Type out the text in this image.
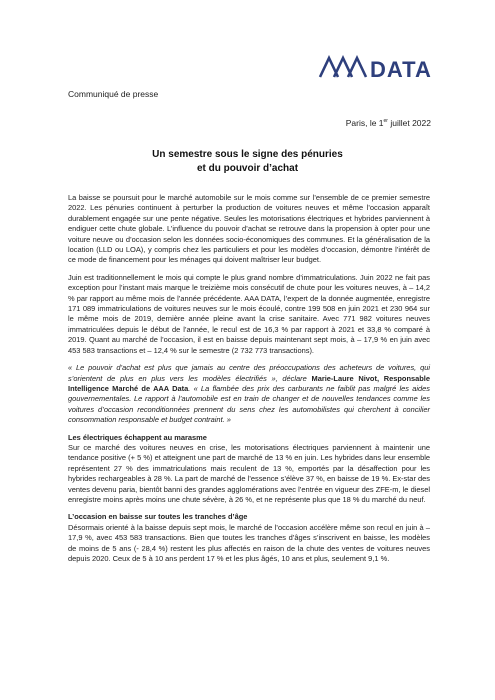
DATA
Communiqué de presse
Paris, le 1er juillet 2022
Un semestre sous le signe des pénuries
et du pouvoir d’achat

La baisse se poursuit pour le marché automobile sur le mois comme sur l’ensemble de ce premier semestre 2022. Les pénuries continuent à perturber la production de voitures neuves et même l’occasion apparaît durablement engagée sur une pente négative. Seules les motorisations électriques et hybrides parviennent à endiguer cette chute globale. L’influence du pouvoir d’achat se retrouve dans la propension à opter pour une voiture neuve ou d’occasion selon les données socio-économiques des communes. Et la généralisation de la location (LLD ou LOA), y compris chez les particuliers et pour les modèles d’occasion, démontre l’intérêt de ce mode de financement pour les ménages qui doivent maîtriser leur budget.

Juin est traditionnellement le mois qui compte le plus grand nombre d’immatriculations. Juin 2022 ne fait pas exception pour l’instant mais marque le treizième mois consécutif de chute pour les voitures neuves, à – 14,2 % par rapport au même mois de l’année précédente. AAA DATA, l’expert de la donnée augmentée, enregistre 171 089 immatriculations de voitures neuves sur le mois écoulé, contre 199 508 en juin 2021 et 230 964 sur le même mois de 2019, dernière année pleine avant la crise sanitaire. Avec 771 982 voitures neuves immatriculées depuis le début de l’année, le recul est de 16,3 % par rapport à 2021 et 33,8 % comparé à 2019. Quant au marché de l’occasion, il est en baisse depuis maintenant sept mois, à – 17,9 % en juin avec 453 583 transactions et – 12,4 % sur le semestre (2 732 773 transactions).

« Le pouvoir d’achat est plus que jamais au centre des préoccupations des acheteurs de voitures, qui s’orientent de plus en plus vers les modèles électrifiés », déclare Marie-Laure Nivot, Responsable Intelligence Marché de AAA Data. « La flambée des prix des carburants ne faiblit pas malgré les aides gouvernementales. Le rapport à l’automobile est en train de changer et de nouvelles tendances comme les voitures d’occasion reconditionnées prennent du sens chez les automobilistes qui cherchent à concilier consommation responsable et budget contraint. »

Les électriques échappent au marasme

Sur ce marché des voitures neuves en crise, les motorisations électriques parviennent à maintenir une tendance positive (+ 5 %) et atteignent une part de marché de 13 % en juin. Les hybrides dans leur ensemble représentent 27 % des immatriculations mais reculent de 13 %, emportés par la désaffection pour les hybrides rechargeables à 28 %. La part de marché de l’essence s’élève 37 %, en baisse de 19 %. Ex-star des ventes devenu paria, bientôt banni des grandes agglomérations avec l’entrée en vigueur des ZFE-m, le diesel enregistre moins après moins une chute sévère, à 26 %, et ne représente plus que 18 % du marché du neuf.

L’occasion en baisse sur toutes les tranches d’âge

Désormais orienté à la baisse depuis sept mois, le marché de l’occasion accélère même son recul en juin à – 17,9 %, avec 453 583 transactions. Bien que toutes les tranches d’âges s’inscrivent en baisse, les modèles de moins de 5 ans (- 28,4 %) restent les plus affectés en raison de la chute des ventes de voitures neuves depuis 2020. Ceux de 5 à 10 ans perdent 17 % et les plus âgés, 10 ans et plus, seulement 9,1 %.
